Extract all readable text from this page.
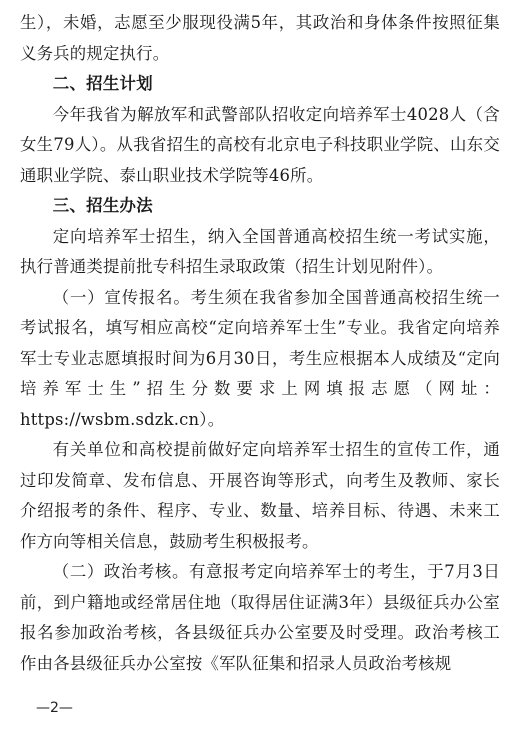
生），未婚，志愿至少服现役满5年，其政治和身体条件按照征集义务兵的规定执行。

二、招生计划

今年我省为解放军和武警部队招收定向培养军士4028人（含女生79人）。从我省招生的高校有北京电子科技职业学院、山东交通职业学院、泰山职业技术学院等46所。

三、招生办法

定向培养军士招生，纳入全国普通高校招生统一考试实施，执行普通类提前批专科招生录取政策（招生计划见附件）。

（一）宣传报名。考生须在我省参加全国普通高校招生统一考试报名，填写相应高校“定向培养军士生”专业。我省定向培养军士专业志愿填报时间为6月30日，考生应根据本人成绩及“定向培养军士生”招生分数要求上网填报志愿（网址：https://wsbm.sdzk.cn）。

有关单位和高校提前做好定向培养军士招生的宣传工作，通过印发简章、发布信息、开展咨询等形式，向考生及教师、家长介绍报考的条件、程序、专业、数量、培养目标、待遇、未来工作方向等相关信息，鼓励考生积极报考。

（二）政治考核。有意报考定向培养军士的考生，于7月3日前，到户籍地或经常居住地（取得居住证满3年）县级征兵办公室报名参加政治考核，各县级征兵办公室要及时受理。政治考核工作由各县级征兵办公室按《军队征集和招录人员政治考核规

—2—
